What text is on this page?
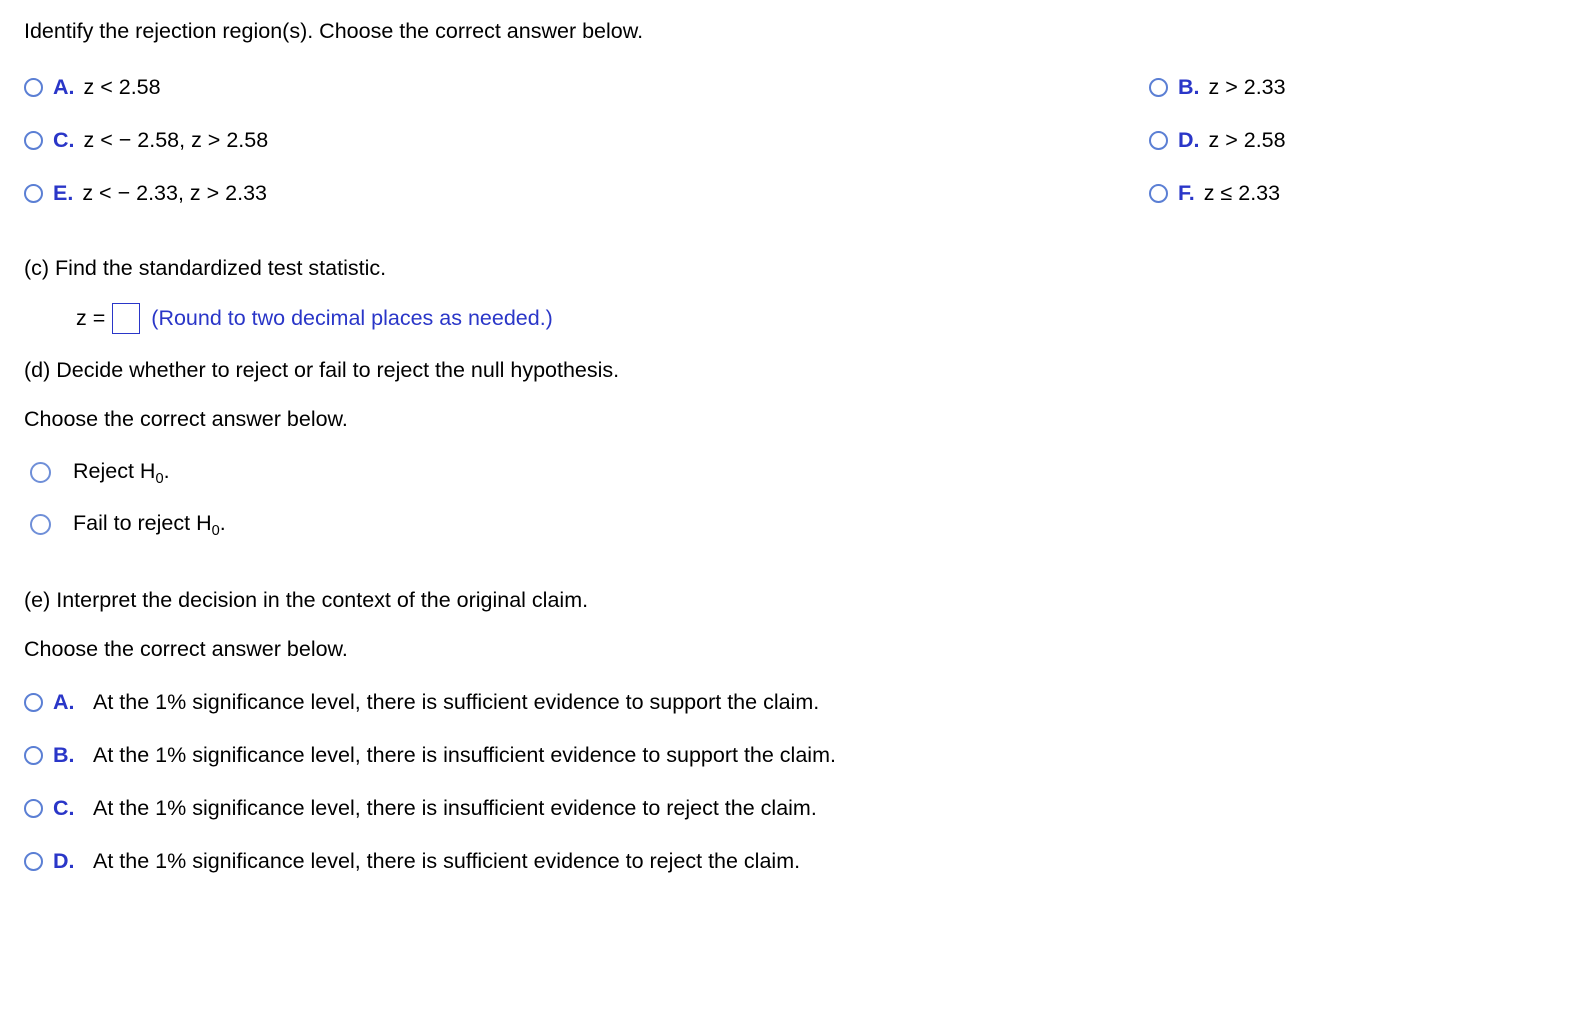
Identify the rejection region(s). Choose the correct answer below.
A. z < 2.58	B. z > 2.33
C. z < − 2.58, z > 2.58	D. z > 2.58
E. z < − 2.33, z > 2.33	F. z ≤ 2.33
(c) Find the standardized test statistic.
z = (Round to two decimal places as needed.)
(d) Decide whether to reject or fail to reject the null hypothesis.
Choose the correct answer below.
Reject $H_0$.
Fail to reject $H_0$.
(e) Interpret the decision in the context of the original claim.
Choose the correct answer below.
A. At the 1% significance level, there is sufficient evidence to support the claim.
B. At the 1% significance level, there is insufficient evidence to support the claim.
C. At the 1% significance level, there is insufficient evidence to reject the claim.
D. At the 1% significance level, there is sufficient evidence to reject the claim.
